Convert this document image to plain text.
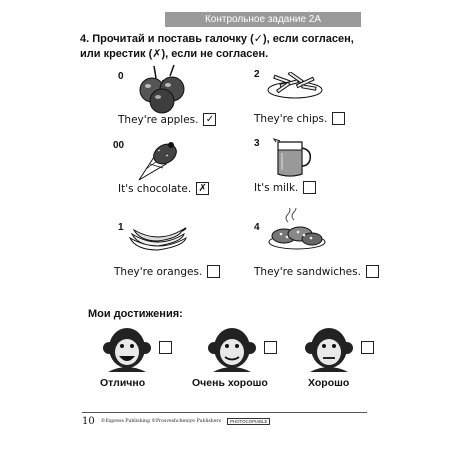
Контрольное задание 2А
4. Прочитай и поставь галочку (✓), если согласен, или крестик (✗), если не согласен.
0
They're apples. ✓
2
They're chips.
00
It's chocolate. ✗
3
It's milk.
1
They're oranges.
4
They're sandwiches.
Мои достижения:
Отлично	Очень хорошо	Хорошо
10 ©Express Publishing ©Prosveshcheniye Publishers	PHOTOCOPIABLE
